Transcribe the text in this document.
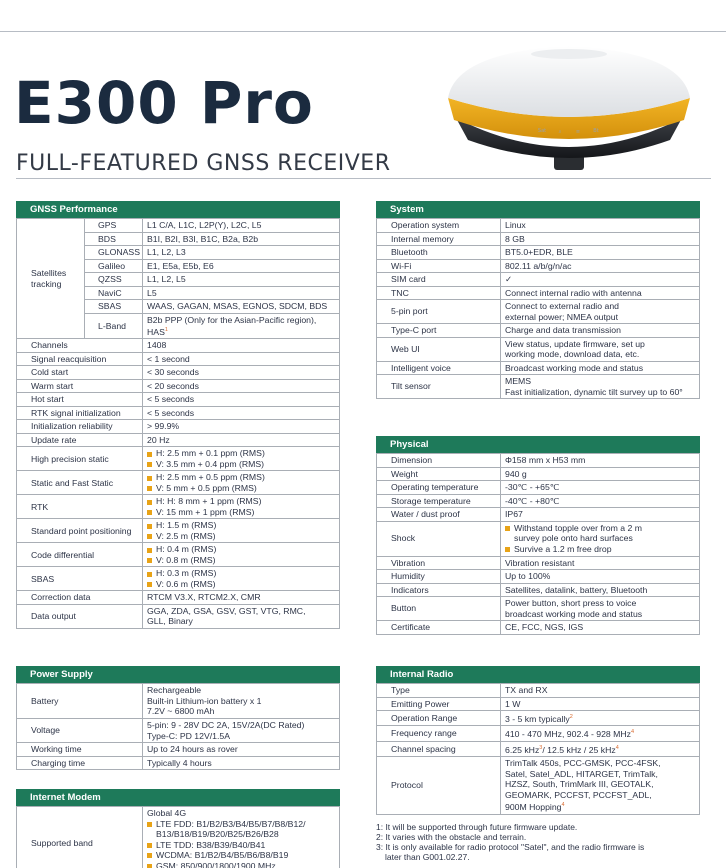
E300 Pro
FULL-FEATURED GNSS RECEIVER
Sat ⌕	≡	Bt
GNSS Performance
Satellites tracking	GPS	L1 C/A, L1C, L2P(Y), L2C, L5

	BDS	B1I, B2I, B3I, B1C, B2a, B2b

	GLONASS	L1, L2, L3

	Galileo	E1, E5a, E5b, E6

	QZSS	L1, L2, L5

	NaviC	L5

	SBAS	WAAS, GAGAN, MSAS, EGNOS, SDCM, BDS

	L-Band	B2b PPP (Only for the Asian-Pacific region),
HAS$^1$

Channels		1408

Signal reacquisition		< 1 second

Cold start		< 30 seconds

Warm start		< 20 seconds

Hot start		< 5 seconds

RTK signal initialization		< 5 seconds

Initialization reliability		> 99.9%

Update rate		20 Hz

High precision static		H: 2.5 mm + 0.1 ppm (RMS)
V: 3.5 mm + 0.4 ppm (RMS)

Static and Fast Static		H: 2.5 mm + 0.5 ppm (RMS)
V: 5 mm + 0.5 ppm (RMS)

RTK		H: H: 8 mm + 1 ppm (RMS)
V: 15 mm + 1 ppm (RMS)

Standard point positioning		H: 1.5 m (RMS)
V: 2.5 m (RMS)

Code differential		H: 0.4 m (RMS)
V: 0.8 m (RMS)

SBAS		H: 0.3 m (RMS)
V: 0.6 m (RMS)

Correction data		RTCM V3.X, RTCM2.X, CMR

Data output		GGA, ZDA, GSA, GSV, GST, VTG, RMC,
GLL, Binary
Power Supply
Battery	Rechargeable
Built-in Lithium-ion battery x 1
7.2V ~ 6800 mAh

Voltage	5-pin: 9 - 28V DC 2A, 15V/2A(DC Rated)
Type-C: PD 12V/1.5A

Working time	Up to 24 hours as rover

Charging time	Typically 4 hours
Internet Modem
Supported band	
Global 4G
LTE FDD: B1/B2/B3/B4/B5/B7/B8/B12/
B13/B18/B19/B20/B25/B26/B28
LTE TDD: B38/B39/B40/B41
WCDMA: B1/B2/B4/B5/B6/B8/B19
GSM: 850/900/1800/1900 MHz
System
Operation system	Linux

Internal memory	8 GB

Bluetooth	BT5.0+EDR, BLE

Wi-Fi	802.11 a/b/g/n/ac

SIM card	✓

TNC	Connect internal radio with antenna

5-pin port	Connect to external radio and
external power; NMEA output

Type-C port	Charge and data transmission

Web UI	View status, update firmware, set up
working mode, download data, etc.

Intelligent voice	Broadcast working mode and status

Tilt sensor	MEMS
Fast initialization, dynamic tilt survey up to 60°
Physical
Dimension	Φ158 mm x H53 mm

Weight	940 g

Operating temperature	-30℃ - +65℃

Storage temperature	-40℃ - +80℃

Water / dust proof	IP67

Shock	Withstand topple over from a 2 m
survey pole onto hard surfaces
Survive a 1.2 m free drop

Vibration	Vibration resistant

Humidity	Up to 100%

Indicators	Satellites, datalink, battery, Bluetooth

Button	Power button, short press to voice
broadcast working mode and status

Certificate	CE, FCC, NGS, IGS
Internal Radio
Type	TX and RX

Emitting Power	1 W

Operation Range	3 - 5 km typically$^2$

Frequency range	410 - 470 MHz, 902.4 - 928 MHz$^4$

Channel spacing	6.25 kHz$^3$/ 12.5 kHz / 25 kHz$^4$
Protocol	TrimTalk 450s, PCC-GMSK, PCC-4FSK,
Satel, Satel_ADL, HITARGET, TrimTalk,
HZSZ, South, TrimMark III, GEOTALK,
GEOMARK, PCCFST, PCCFST_ADL,
900M Hopping$^4$
1: It will be supported through future firmware update.
2: It varies with the obstacle and terrain.
3: It is only available for radio protocol "Satel", and the radio firmware is
later than G001.02.27.
